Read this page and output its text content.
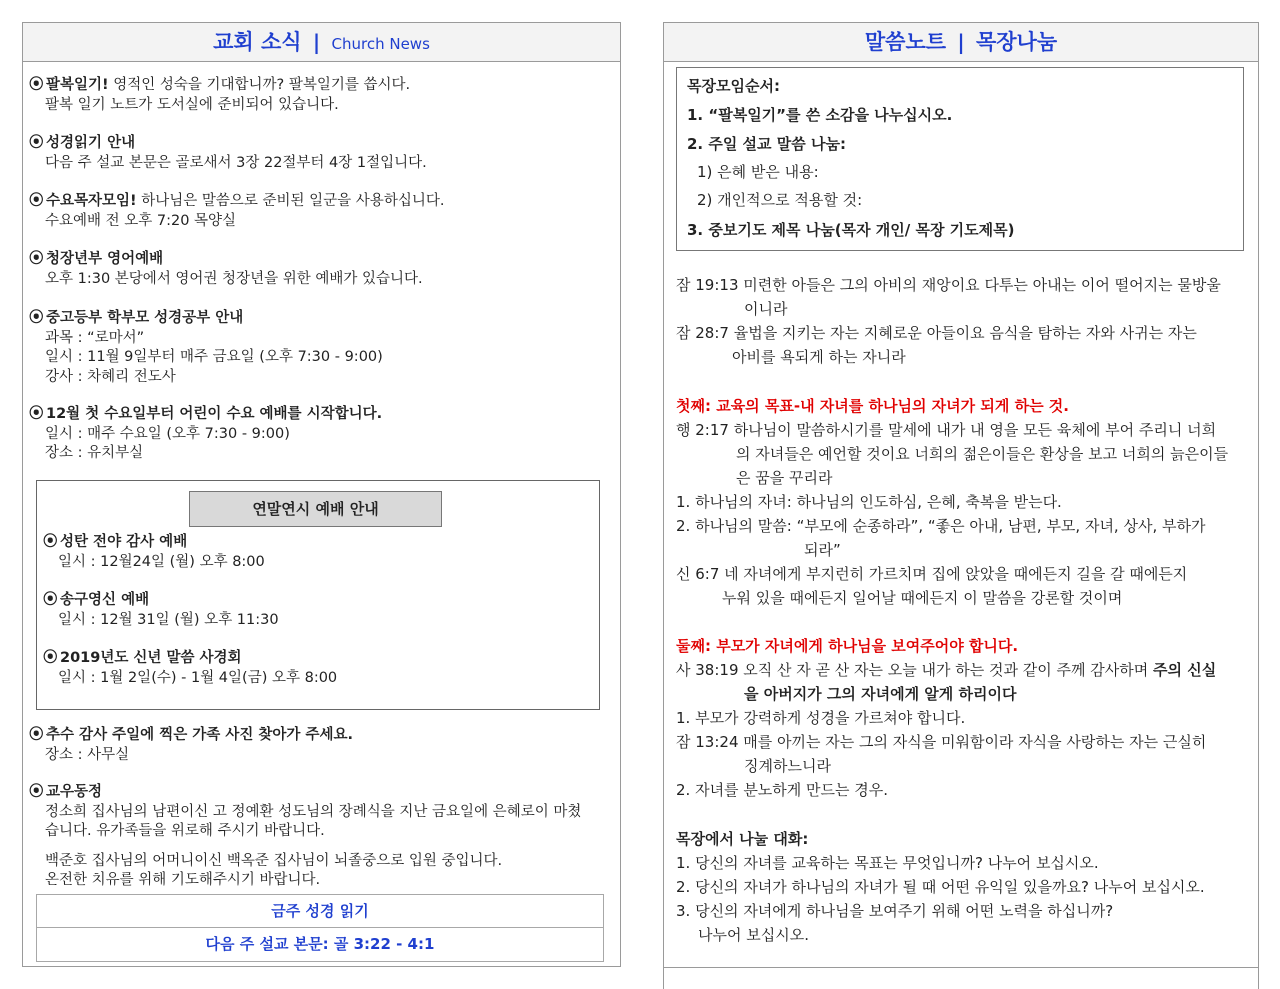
교회 소식 | Church News
⦿ 팔복일기! 영적인 성숙을 기대합니까? 팔복일기를 씁시다.
팔복 일기 노트가 도서실에 준비되어 있습니다.
⦿ 성경읽기 안내
다음 주 설교 본문은 골로새서 3장 22절부터 4장 1절입니다.
⦿ 수요목자모임! 하나님은 말씀으로 준비된 일군을 사용하십니다.
수요예배 전 오후 7:20 목양실
⦿ 청장년부 영어예배
오후 1:30 본당에서 영어권 청장년을 위한 예배가 있습니다.
⦿ 중고등부 학부모 성경공부 안내
과목 : “로마서”
일시 : 11월 9일부터 매주 금요일 (오후 7:30 - 9:00)
강사 : 차혜리 전도사
⦿ 12월 첫 수요일부터 어린이 수요 예배를 시작합니다.
일시 : 매주 수요일 (오후 7:30 - 9:00)
장소 : 유치부실
연말연시 예배 안내
⦿ 성탄 전야 감사 예배
일시 : 12월24일 (월) 오후 8:00
⦿ 송구영신 예배
일시 : 12월 31일 (월) 오후 11:30
⦿ 2019년도 신년 말씀 사경회
일시 : 1월 2일(수) - 1월 4일(금) 오후 8:00
⦿ 추수 감사 주일에 찍은 가족 사진 찾아가 주세요.
장소 : 사무실
⦿ 교우동정
정소희 집사님의 남편이신 고 정예환 성도님의 장례식을 지난 금요일에 은혜로이 마쳤
습니다. 유가족들을 위로해 주시기 바랍니다.
백준호 집사님의 어머니이신 백옥준 집사님이 뇌졸중으로 입원 중입니다.
온전한 치유를 위해 기도해주시기 바랍니다.
금주 성경 읽기
다음 주 설교 본문: 골 3:22 - 4:1
말씀노트 | 목장나눔
목장모임순서:
1. “팔복일기”를 쓴 소감을 나누십시오.
2. 주일 설교 말씀 나눔:
1) 은혜 받은 내용:
2) 개인적으로 적용할 것:
3. 중보기도 제목 나눔(목자 개인/ 목장 기도제목)
잠 19:13 미련한 아들은 그의 아비의 재앙이요 다투는 아내는 이어 떨어지는 물방울
이니라
잠 28:7 율법을 지키는 자는 지혜로운 아들이요 음식을 탐하는 자와 사귀는 자는
아비를 욕되게 하는 자니라
첫째: 교육의 목표-내 자녀를 하나님의 자녀가 되게 하는 것.
행 2:17 하나님이 말씀하시기를 말세에 내가 내 영을 모든 육체에 부어 주리니 너희
의 자녀들은 예언할 것이요 너희의 젊은이들은 환상을 보고 너희의 늙은이들
은 꿈을 꾸리라
1. 하나님의 자녀: 하나님의 인도하심, 은혜, 축복을 받는다.
2. 하나님의 말씀: “부모에 순종하라”, “좋은 아내, 남편, 부모, 자녀, 상사, 부하가
되라”
신 6:7 네 자녀에게 부지런히 가르치며 집에 앉았을 때에든지 길을 갈 때에든지
누워 있을 때에든지 일어날 때에든지 이 말씀을 강론할 것이며
둘째: 부모가 자녀에게 하나님을 보여주어야 합니다.
사 38:19 오직 산 자 곧 산 자는 오늘 내가 하는 것과 같이 주께 감사하며 주의 신실
을 아버지가 그의 자녀에게 알게 하리이다
1. 부모가 강력하게 성경을 가르쳐야 합니다.
잠 13:24 매를 아끼는 자는 그의 자식을 미워함이라 자식을 사랑하는 자는 근실히
징계하느니라
2. 자녀를 분노하게 만드는 경우.
목장에서 나눌 대화:
1. 당신의 자녀를 교육하는 목표는 무엇입니까? 나누어 보십시오.
2. 당신의 자녀가 하나님의 자녀가 될 때 어떤 유익일 있을까요? 나누어 보십시오.
3. 당신의 자녀에게 하나님을 보여주기 위해 어떤 노력을 하십니까?
나누어 보십시오.
